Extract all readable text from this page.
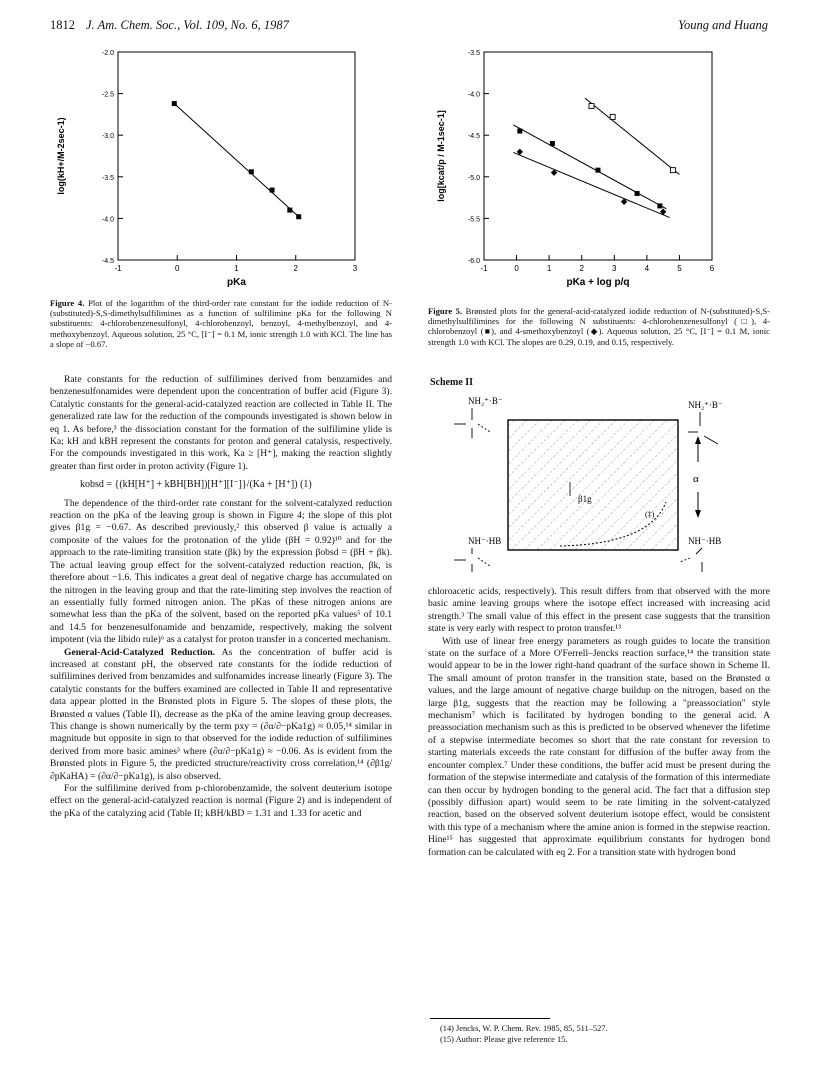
1812 J. Am. Chem. Soc., Vol. 109, No. 6, 1987	Young and Huang
-1	0	1	2	3
-2.0
-2.5
-3.0
-3.5
-4.0
-4.5
pKa
log(kH+/M-2sec-1)
-1	0	1	2	3	4	5	6
-3.5
-4.0
-4.5
-5.0
-5.5
-6.0
pKa + log p/q
log[kcat/p / M-1sec-1]
Figure 4. Plot of the logarithm of the third-order rate constant for the iodide reduction of N-(substituted)-S,S-dimethylsulfilimines as a function of sulfilimine pKa for the following N substituents: 4-chlorobenzenesulfonyl, 4-chlorobenzoyl, benzoyl, 4-methylbenzoyl, and 4-methoxybenzoyl. Aqueous solution, 25 °C, [I⁻] = 0.1 M, ionic strength 1.0 with KCl. The line has a slope of −0.67.
Figure 5. Brønsted plots for the general-acid-catalyzed iodide reduction of N-(substituted)-S,S-dimethylsulfilimines for the following N substituents: 4-chlorobenzenesulfonyl (□), 4-chlorobenzoyl (■), and 4-smethoxybenzoyl (◆). Aqueous solution, 25 °C, [I⁻] = 0.1 M, ionic strength 1.0 with KCl. The slopes are 0.29, 0.19, and 0.15, respectively.

Rate constants for the reduction of sulfilimines derived from benzamides and benzenesulfonamides were dependent upon the concentration of buffer acid (Figure 3). Catalytic constants for the general-acid-catalyzed reaction are collected in Table II. The generalized rate law for the reduction of the compounds investigated is shown below in eq 1. As before,³ the dissociation constant for the formation of the sulfilimine ylide is Ka; kH and kBH represent the constants for proton and general catalysis, respectively. For the compounds investigated in this work, Ka ≥ [H⁺], making the reaction slightly greater than first order in proton activity (Figure 1).

kobsd = {(kH[H⁺] + kBH[BH])[H⁺][I⁻]}/(Ka + [H⁺]) (1)

The dependence of the third-order rate constant for the solvent-catalyzed reduction reaction on the pKa of the leaving group is shown in Figure 4; the slope of this plot gives β1g = −0.67. As described previously,² this observed β value is actually a composite of the values for the protonation of the ylide (βH = 0.92)¹⁰ and for the approach to the rate-limiting transition state (βk) by the expression βobsd = (βH + βk). The actual leaving group effect for the solvent-catalyzed reduction reaction, βk, is therefore about −1.6. This indicates a great deal of negative charge has accumulated on the nitrogen in the leaving group and that the rate-limiting step involves the reaction of an essentially fully formed nitrogen anion. The pKas of these nitrogen anions are somewhat less than the pKa of the solvent, based on the reported pKa values⁵ of 10.1 and 14.5 for benzenesulfonamide and benzamide, respectively, making the solvent impotent (via the libido rule)⁶ as a catalyst for proton transfer in a concerted mechanism.

General-Acid-Catalyzed Reduction. As the concentration of buffer acid is increased at constant pH, the observed rate constants for the iodide reduction of sulfilimines derived from benzamides and sulfonamides increase linearly (Figure 3). The catalytic constants for the buffers examined are collected in Table II and representative data appear plotted in the Brønsted plots in Figure 5. The slopes of these plots, the Brønsted α values (Table II), decrease as the pKa of the amine leaving group decreases. This change is shown numerically by the term pxy = (∂α/∂−pKa1g) ≈ 0.05,¹⁴ similar in magnitude but opposite in sign to that observed for the iodide reduction of sulfilimines derived from more basic amines³ where (∂α/∂−pKa1g) ≈ −0.06. As is evident from the Brønsted plots in Figure 5, the predicted structure/reactivity cross correlation,¹⁴ (∂β1g/∂pKaHA) = (∂α/∂−pKa1g), is also observed.

For the sulfilimine derived from p-chlorobenzamide, the solvent deuterium isotope effect on the general-acid-catalyzed reaction is normal (Figure 2) and is independent of the pKa of the catalyzing acid (Table II; kBH/kBD = 1.31 and 1.33 for acetic and

Scheme II
α
β1g
(‡)
NH₂⁺·B⁻	NH₂⁺·B⁻
NH⁻·HB	NH⁻·HB

chloroacetic acids, respectively). This result differs from that observed with the more basic amine leaving groups where the isotope effect increased with increasing acid strength.³ The small value of this effect in the present case suggests that the transition state is very early with respect to proton transfer.¹³

With use of linear free energy parameters as rough guides to locate the transition state on the surface of a More O'Ferrell–Jencks reaction surface,¹⁴ the transition state would appear to be in the lower right-hand quadrant of the surface shown in Scheme II. The small amount of proton transfer in the transition state, based on the Brønsted α values, and the large amount of negative charge buildup on the nitrogen, based on the large β1g, suggests that the reaction may be following a "preassociation" style mechanism⁷ which is facilitated by hydrogen bonding to the general acid. A preassociation mechanism such as this is predicted to be observed whenever the lifetime of a stepwise intermediate becomes so short that the rate constant for reversion to starting materials exceeds the rate constant for diffusion of the buffer away from the encounter complex.⁷ Under these conditions, the buffer acid must be present during the formation of the stepwise intermediate and catalysis of the formation of this intermediate can then occur by hydrogen bonding to the general acid. The fact that a diffusion step (possibly diffusion apart) would seem to be rate limiting in the solvent-catalyzed reaction, based on the observed solvent deuterium isotope effect, would be consistent with this type of a mechanism where the amine anion is formed in the stepwise reaction. Hine¹⁵ has suggested that approximate equilibrium constants for hydrogen bond formation can be calculated with eq 2. For a transition state with hydrogen bond

(14) Jencks, W. P. Chem. Rev. 1985, 85, 511–527.
(15) Author: Please give reference 15.
